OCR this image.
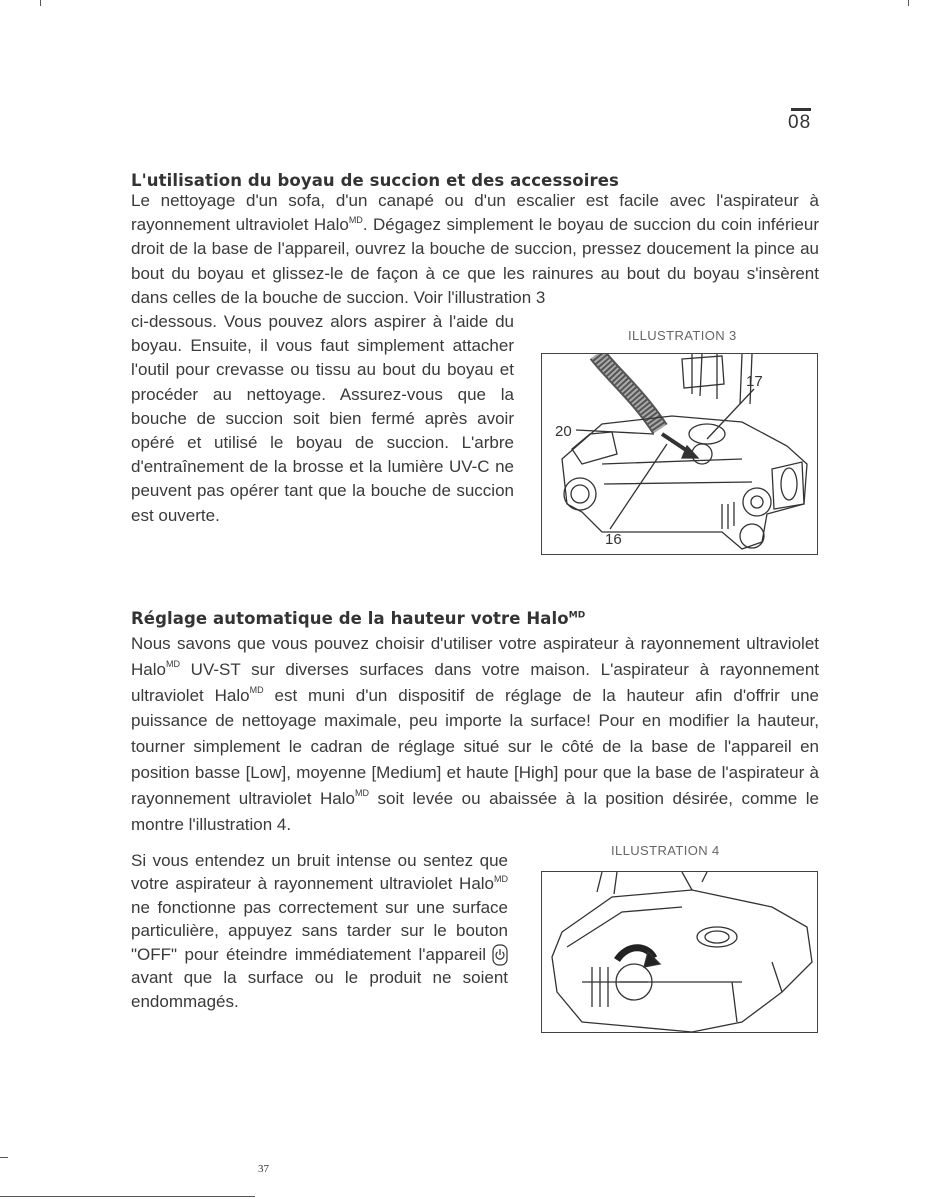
08
L'utilisation du boyau de succion et des accessoires
Le nettoyage d'un sofa, d'un canapé ou d'un escalier est facile avec l'aspirateur à rayonnement ultraviolet Halo$^{MD}$. Dégagez simplement le boyau de succion du coin inférieur droit de la base de l'appareil, ouvrez la bouche de succion, pressez doucement la pince au bout du boyau et glissez-le de façon à ce que les rainures au bout du boyau s'insèrent dans celles de la bouche de succion. Voir l'illustration 3
ci-dessous. Vous pouvez alors aspirer à l'aide du boyau. Ensuite, il vous faut simplement attacher l'outil pour crevasse ou tissu au bout du boyau et procéder au nettoyage. Assurez-vous que la bouche de succion soit bien fermé après avoir opéré et utilisé le boyau de succion. L'arbre d'entraînement de la brosse et la lumière UV-C ne peuvent pas opérer tant que la bouche de succion est ouverte.
ILLUSTRATION 3
20
17
16
Réglage automatique de la hauteur votre Halo$^{MD}$
Nous savons que vous pouvez choisir d'utiliser votre aspirateur à rayonnement ultraviolet Halo$^{MD}$ UV-ST sur diverses surfaces dans votre maison. L'aspirateur à rayonnement ultraviolet Halo$^{MD}$ est muni d'un dispositif de réglage de la hauteur afin d'offrir une puissance de nettoyage maximale, peu importe la surface! Pour en modifier la hauteur, tourner simplement le cadran de réglage situé sur le côté de la base de l'appareil en position basse [Low], moyenne [Medium] et haute [High] pour que la base de l'aspirateur à rayonnement ultraviolet Halo$^{MD}$ soit levée ou abaissée à la position désirée, comme le montre l'illustration 4.
Si vous entendez un bruit intense ou sentez que votre aspirateur à rayonnement ultraviolet Halo$^{MD}$ ne fonctionne pas correctement sur une surface particulière, appuyez sans tarder sur le bouton "OFF" pour éteindre immédiatement l'appareil avant que la surface ou le produit ne soient endommagés.
ILLUSTRATION 4
37
